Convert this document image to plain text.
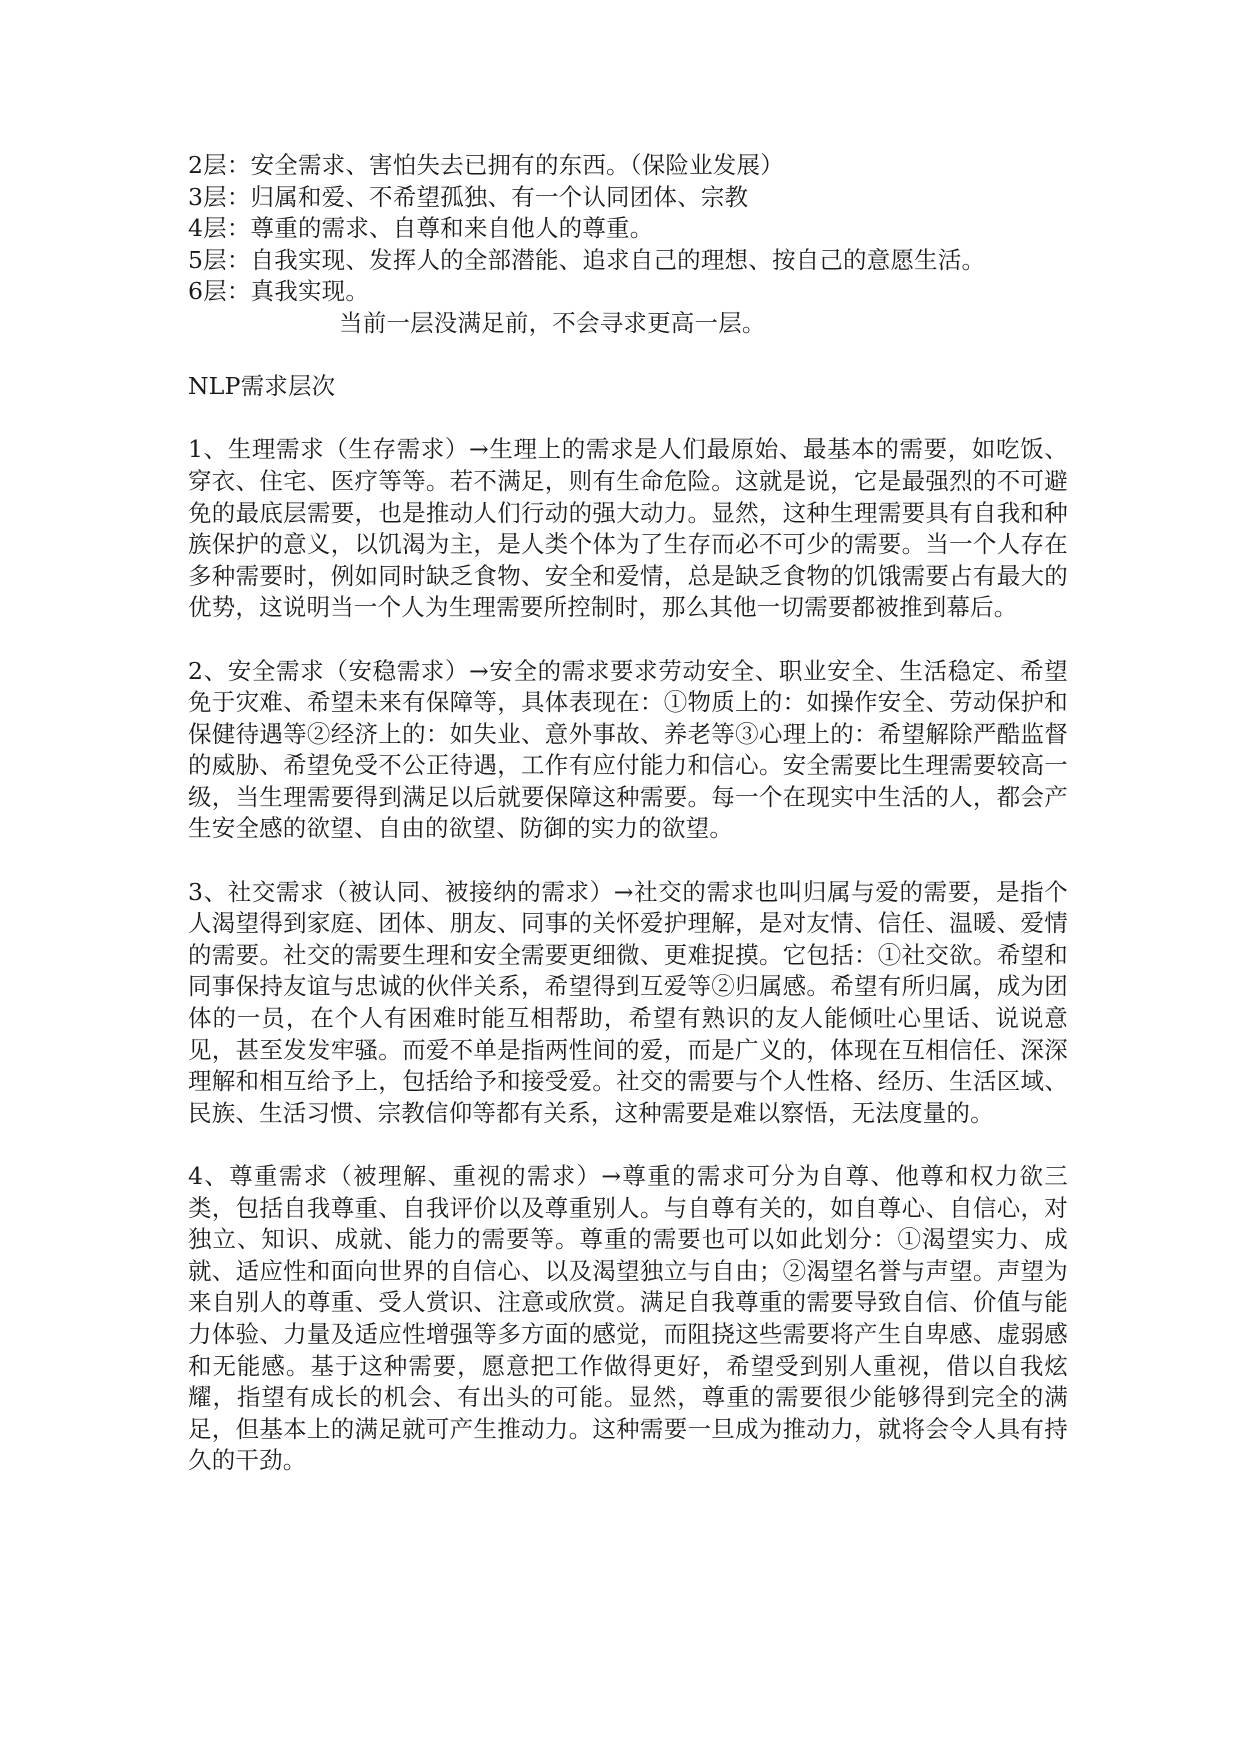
2层：安全需求、害怕失去已拥有的东西。（保险业发展）
3层：归属和爱、不希望孤独、有一个认同团体、宗教
4层：尊重的需求、自尊和来自他人的尊重。
5层：自我实现、发挥人的全部潜能、追求自己的理想、按自己的意愿生活。
6层：真我实现。
当前一层没满足前，不会寻求更高一层。
NLP需求层次

1、生理需求（生存需求）→生理上的需求是人们最原始、最基本的需要，如吃饭、穿衣、住宅、医疗等等。若不满足，则有生命危险。这就是说，它是最强烈的不可避免的最底层需要，也是推动人们行动的强大动力。显然，这种生理需要具有自我和种族保护的意义，以饥渴为主，是人类个体为了生存而必不可少的需要。当一个人存在多种需要时，例如同时缺乏食物、安全和爱情，总是缺乏食物的饥饿需要占有最大的优势，这说明当一个人为生理需要所控制时，那么其他一切需要都被推到幕后。

2、安全需求（安稳需求）→安全的需求要求劳动安全、职业安全、生活稳定、希望免于灾难、希望未来有保障等，具体表现在：①物质上的：如操作安全、劳动保护和保健待遇等②经济上的：如失业、意外事故、养老等③心理上的：希望解除严酷监督的威胁、希望免受不公正待遇，工作有应付能力和信心。安全需要比生理需要较高一级，当生理需要得到满足以后就要保障这种需要。每一个在现实中生活的人，都会产生安全感的欲望、自由的欲望、防御的实力的欲望。

3、社交需求（被认同、被接纳的需求）→社交的需求也叫归属与爱的需要，是指个人渴望得到家庭、团体、朋友、同事的关怀爱护理解，是对友情、信任、温暖、爱情的需要。社交的需要生理和安全需要更细微、更难捉摸。它包括：①社交欲。希望和同事保持友谊与忠诚的伙伴关系，希望得到互爱等②归属感。希望有所归属，成为团体的一员，在个人有困难时能互相帮助，希望有熟识的友人能倾吐心里话、说说意见，甚至发发牢骚。而爱不单是指两性间的爱，而是广义的，体现在互相信任、深深理解和相互给予上，包括给予和接受爱。社交的需要与个人性格、经历、生活区域、民族、生活习惯、宗教信仰等都有关系，这种需要是难以察悟，无法度量的。

4、尊重需求（被理解、重视的需求）→尊重的需求可分为自尊、他尊和权力欲三类，包括自我尊重、自我评价以及尊重别人。与自尊有关的，如自尊心、自信心，对独立、知识、成就、能力的需要等。尊重的需要也可以如此划分：①渴望实力、成就、适应性和面向世界的自信心、以及渴望独立与自由；②渴望名誉与声望。声望为来自别人的尊重、受人赏识、注意或欣赏。满足自我尊重的需要导致自信、价值与能力体验、力量及适应性增强等多方面的感觉，而阻挠这些需要将产生自卑感、虚弱感和无能感。基于这种需要，愿意把工作做得更好，希望受到别人重视，借以自我炫耀，指望有成长的机会、有出头的可能。显然，尊重的需要很少能够得到完全的满足，但基本上的满足就可产生推动力。这种需要一旦成为推动力，就将会令人具有持久的干劲。
